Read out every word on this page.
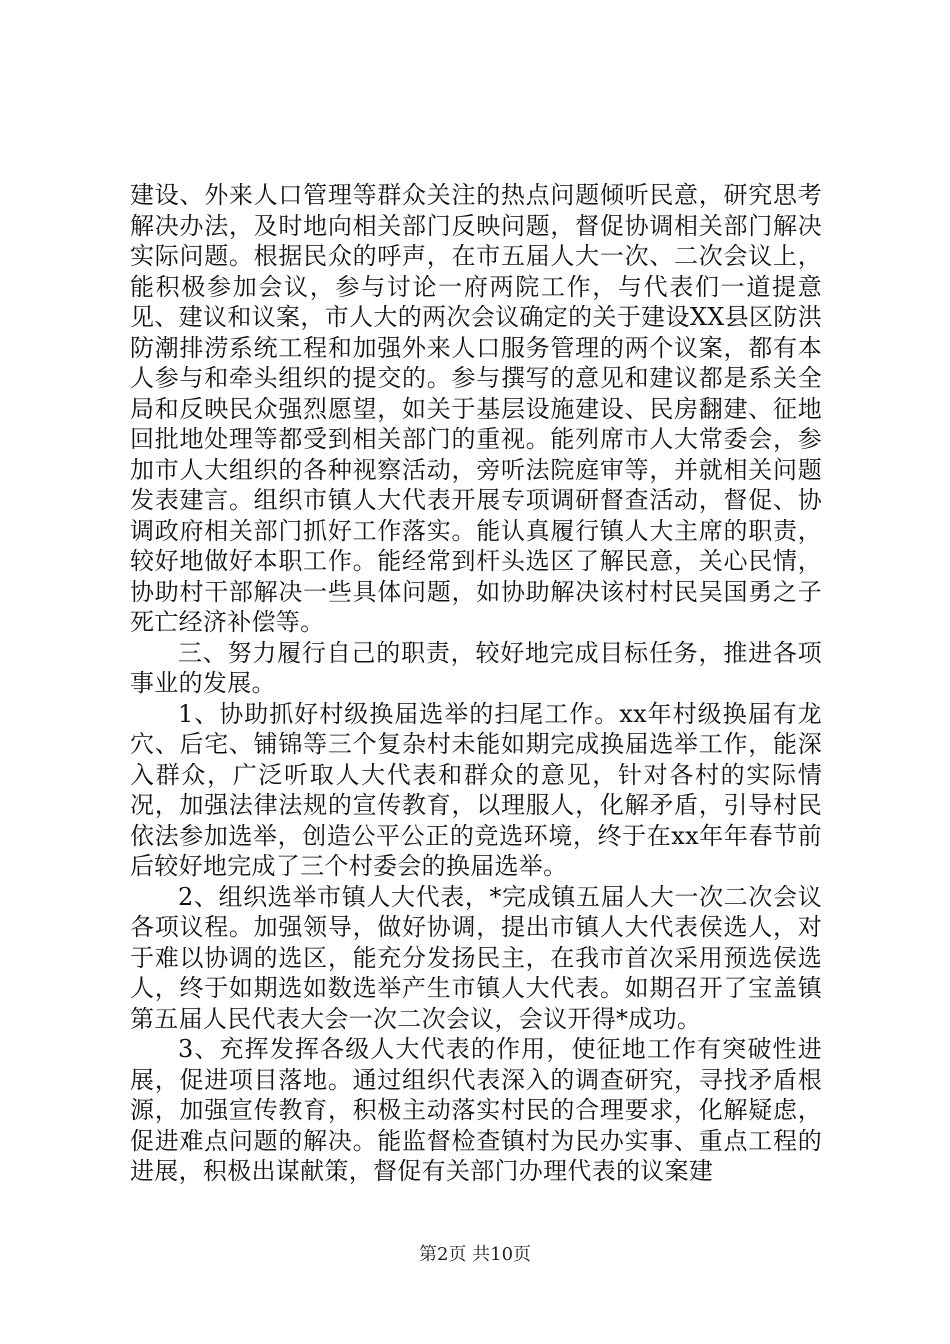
建设、外来人口管理等群众关注的热点问题倾听民意，研究思考解决办法，及时地向相关部门反映问题，督促协调相关部门解决实际问题。根据民众的呼声，在市五届人大一次、二次会议上，能积极参加会议，参与讨论一府两院工作，与代表们一道提意见、建议和议案，市人大的两次会议确定的关于建设XX县区防洪防潮排涝系统工程和加强外来人口服务管理的两个议案，都有本人参与和牵头组织的提交的。参与撰写的意见和建议都是系关全局和反映民众强烈愿望，如关于基层设施建设、民房翻建、征地回批地处理等都受到相关部门的重视。能列席市人大常委会，参加市人大组织的各种视察活动，旁听法院庭审等，并就相关问题发表建言。组织市镇人大代表开展专项调研督查活动，督促、协调政府相关部门抓好工作落实。能认真履行镇人大主席的职责，较好地做好本职工作。能经常到杆头选区了解民意，关心民情，协助村干部解决一些具体问题，如协助解决该村村民吴国勇之子死亡经济补偿等。

三、努力履行自己的职责，较好地完成目标任务，推进各项事业的发展。

1、协助抓好村级换届选举的扫尾工作。xx年村级换届有龙穴、后宅、铺锦等三个复杂村未能如期完成换届选举工作，能深入群众，广泛听取人大代表和群众的意见，针对各村的实际情况，加强法律法规的宣传教育，以理服人，化解矛盾，引导村民依法参加选举，创造公平公正的竞选环境，终于在xx年年春节前后较好地完成了三个村委会的换届选举。

2、组织选举市镇人大代表，*完成镇五届人大一次二次会议各项议程。加强领导，做好协调，提出市镇人大代表侯选人，对于难以协调的选区，能充分发扬民主，在我市首次采用预选侯选人，终于如期选如数选举产生市镇人大代表。如期召开了宝盖镇第五届人民代表大会一次二次会议，会议开得*成功。

3、充挥发挥各级人大代表的作用，使征地工作有突破性进展，促进项目落地。通过组织代表深入的调查研究，寻找矛盾根源，加强宣传教育，积极主动落实村民的合理要求，化解疑虑，促进难点问题的解决。能监督检查镇村为民办实事、重点工程的进展，积极出谋献策，督促有关部门办理代表的议案建

第2页 共10页
